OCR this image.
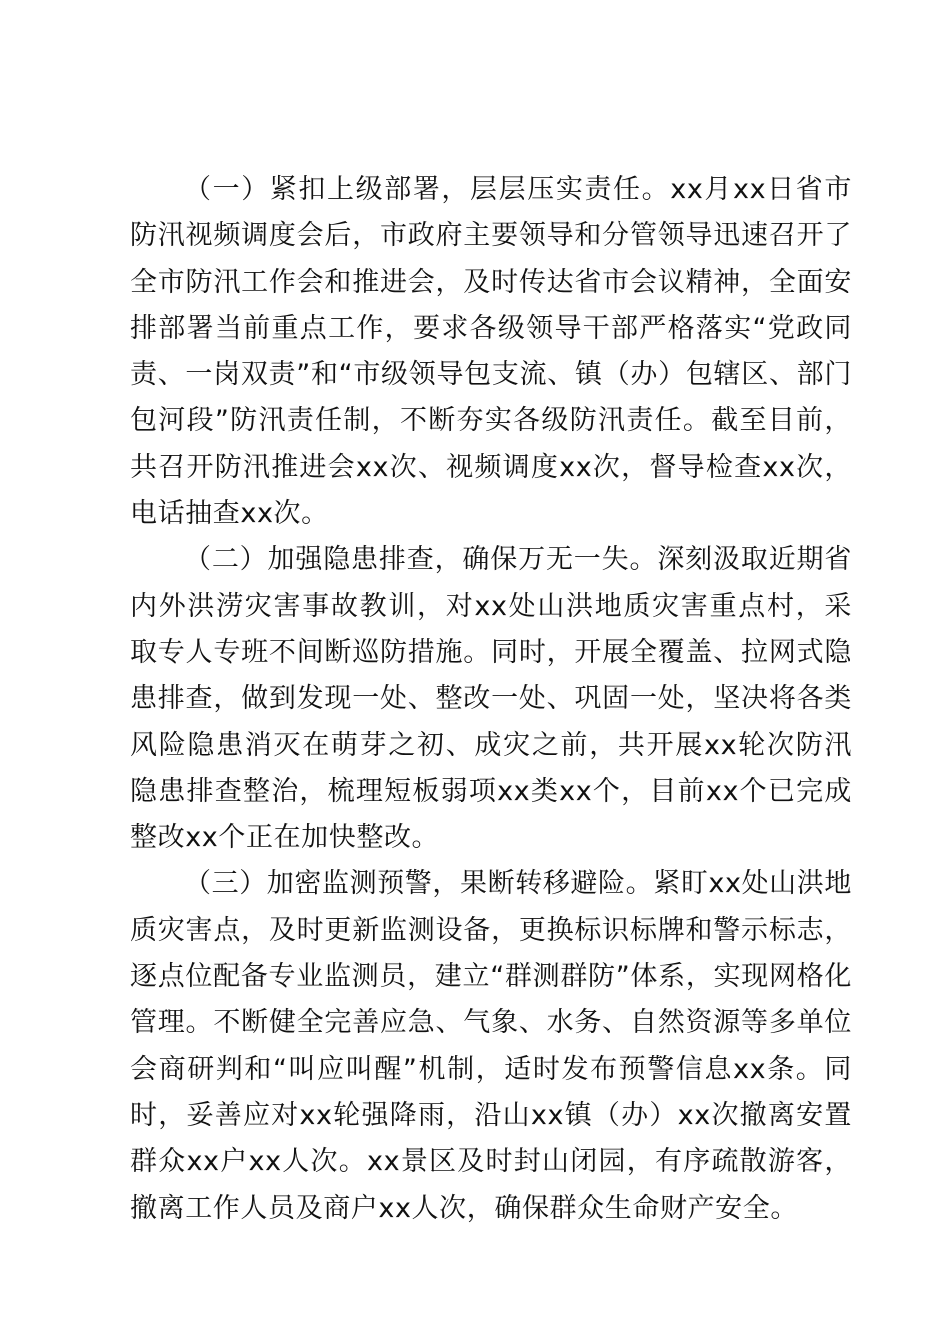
（一）紧扣上级部署，层层压实责任。xx月xx日省市防汛视频调度会后，市政府主要领导和分管领导迅速召开了全市防汛工作会和推进会，及时传达省市会议精神，全面安排部署当前重点工作，要求各级领导干部严格落实“党政同责、一岗双责”和“市级领导包支流、镇（办）包辖区、部门包河段”防汛责任制，不断夯实各级防汛责任。截至目前，共召开防汛推进会xx次、视频调度xx次，督导检查xx次，电话抽查xx次。

（二）加强隐患排查，确保万无一失。深刻汲取近期省内外洪涝灾害事故教训，对xx处山洪地质灾害重点村，采取专人专班不间断巡防措施。同时，开展全覆盖、拉网式隐患排查，做到发现一处、整改一处、巩固一处，坚决将各类风险隐患消灭在萌芽之初、成灾之前，共开展xx轮次防汛隐患排查整治，梳理短板弱项xx类xx个，目前xx个已完成整改xx个正在加快整改。

（三）加密监测预警，果断转移避险。紧盯xx处山洪地质灾害点，及时更新监测设备，更换标识标牌和警示标志，逐点位配备专业监测员，建立“群测群防”体系，实现网格化管理。不断健全完善应急、气象、水务、自然资源等多单位会商研判和“叫应叫醒”机制，适时发布预警信息xx条。同时，妥善应对xx轮强降雨，沿山xx镇（办）xx次撤离安置群众xx户xx人次。xx景区及时封山闭园，有序疏散游客，撤离工作人员及商户xx人次，确保群众生命财产安全。
